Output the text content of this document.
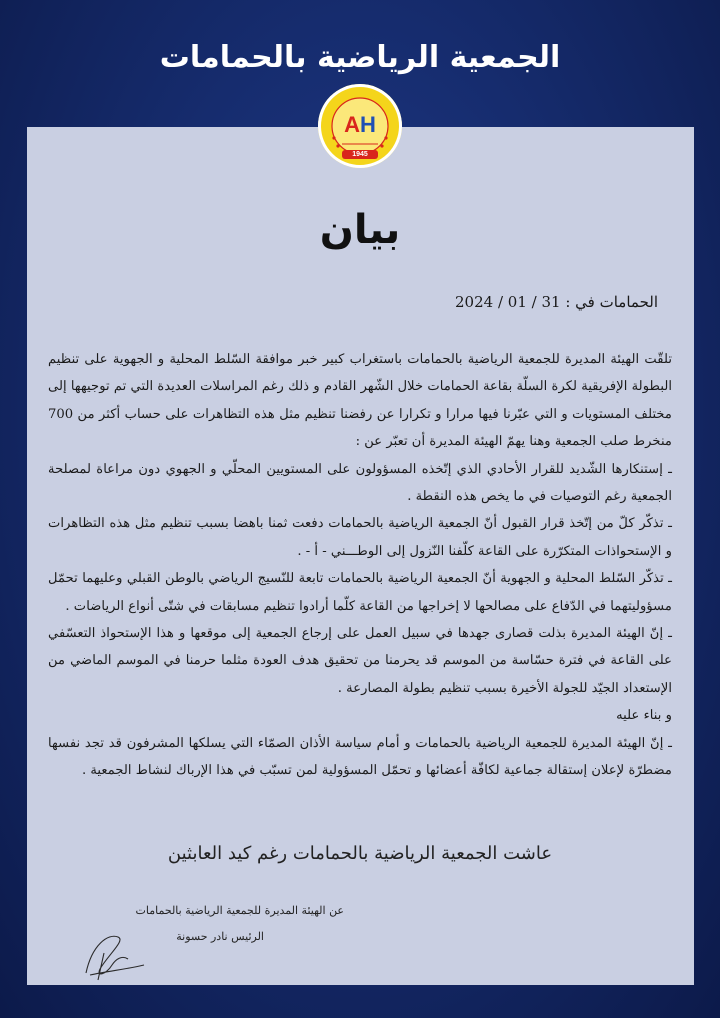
الجمعية الرياضية بالحمامات
AH
1945
بيان
الحمامات في : 31 / 01 / 2024

تلقّت الهيئة المديرة للجمعية الرياضية بالحمامات باستغراب كبير خبر موافقة السّلط المحلية و الجهوية على تنظيم البطولة الإفريقية لكرة السلّة بقاعة الحمامات خلال الشّهر القادم و ذلك رغم المراسلات العديدة التي تم توجيهها إلى مختلف المستويات و التي عبّرنا فيها مرارا و تكرارا عن رفضنا تنظيم مثل هذه التظاهرات على حساب أكثر من 700 منخرط صلب الجمعية وهنا يهمّ الهيئة المديرة أن تعبّر عن :

ـ إستنكارها الشّديد للقرار الأحادي الذي إتّخذه المسؤولون على المستويين المحلّي و الجهوي دون مراعاة لمصلحة الجمعية رغم التوصيات في ما يخص هذه النقطة .

ـ تذكّر كلّ من إتّخذ قرار القبول أنّ الجمعية الرياضية بالحمامات دفعت ثمنا باهضا بسبب تنظيم مثل هذه التظاهرات و الإستحواذات المتكرّرة على القاعة كلّفنا النّزول إلى الوطـــني - أ - .

ـ تذكّر السّلط المحلية و الجهوية أنّ الجمعية الرياضية بالحمامات تابعة للنّسيج الرياضي بالوطن القبلي وعليهما تحمّل مسؤوليتهما في الدّفاع على مصالحها لا إخراجها من القاعة كلّما أرادوا تنظيم مسابقات في شتّى أنواع الرياضات .

ـ إنّ الهيئة المديرة بذلت قصارى جهدها في سبيل العمل على إرجاع الجمعية إلى موقعها و هذا الإستحواذ التعسّفي على القاعة في فترة حسّاسة من الموسم قد يحرمنا من تحقيق هدف العودة مثلما حرمنا في الموسم الماضي من الإستعداد الجيّد للجولة الأخيرة بسبب تنظيم بطولة المصارعة .

و بناء عليه

ـ إنّ الهيئة المديرة للجمعية الرياضية بالحمامات و أمام سياسة الأذان الصمّاء التي يسلكها المشرفون قد تجد نفسها مضطرّة لإعلان إستقالة جماعية لكافّة أعضائها و تحمّل المسؤولية لمن تسبّب في هذا الإرباك لنشاط الجمعية .

عاشت الجمعية الرياضية بالحمامات رغم كيد العابثين
عن الهيئة المديرة للجمعية الرياضية بالحمامات
الرئيس نادر حسونة
